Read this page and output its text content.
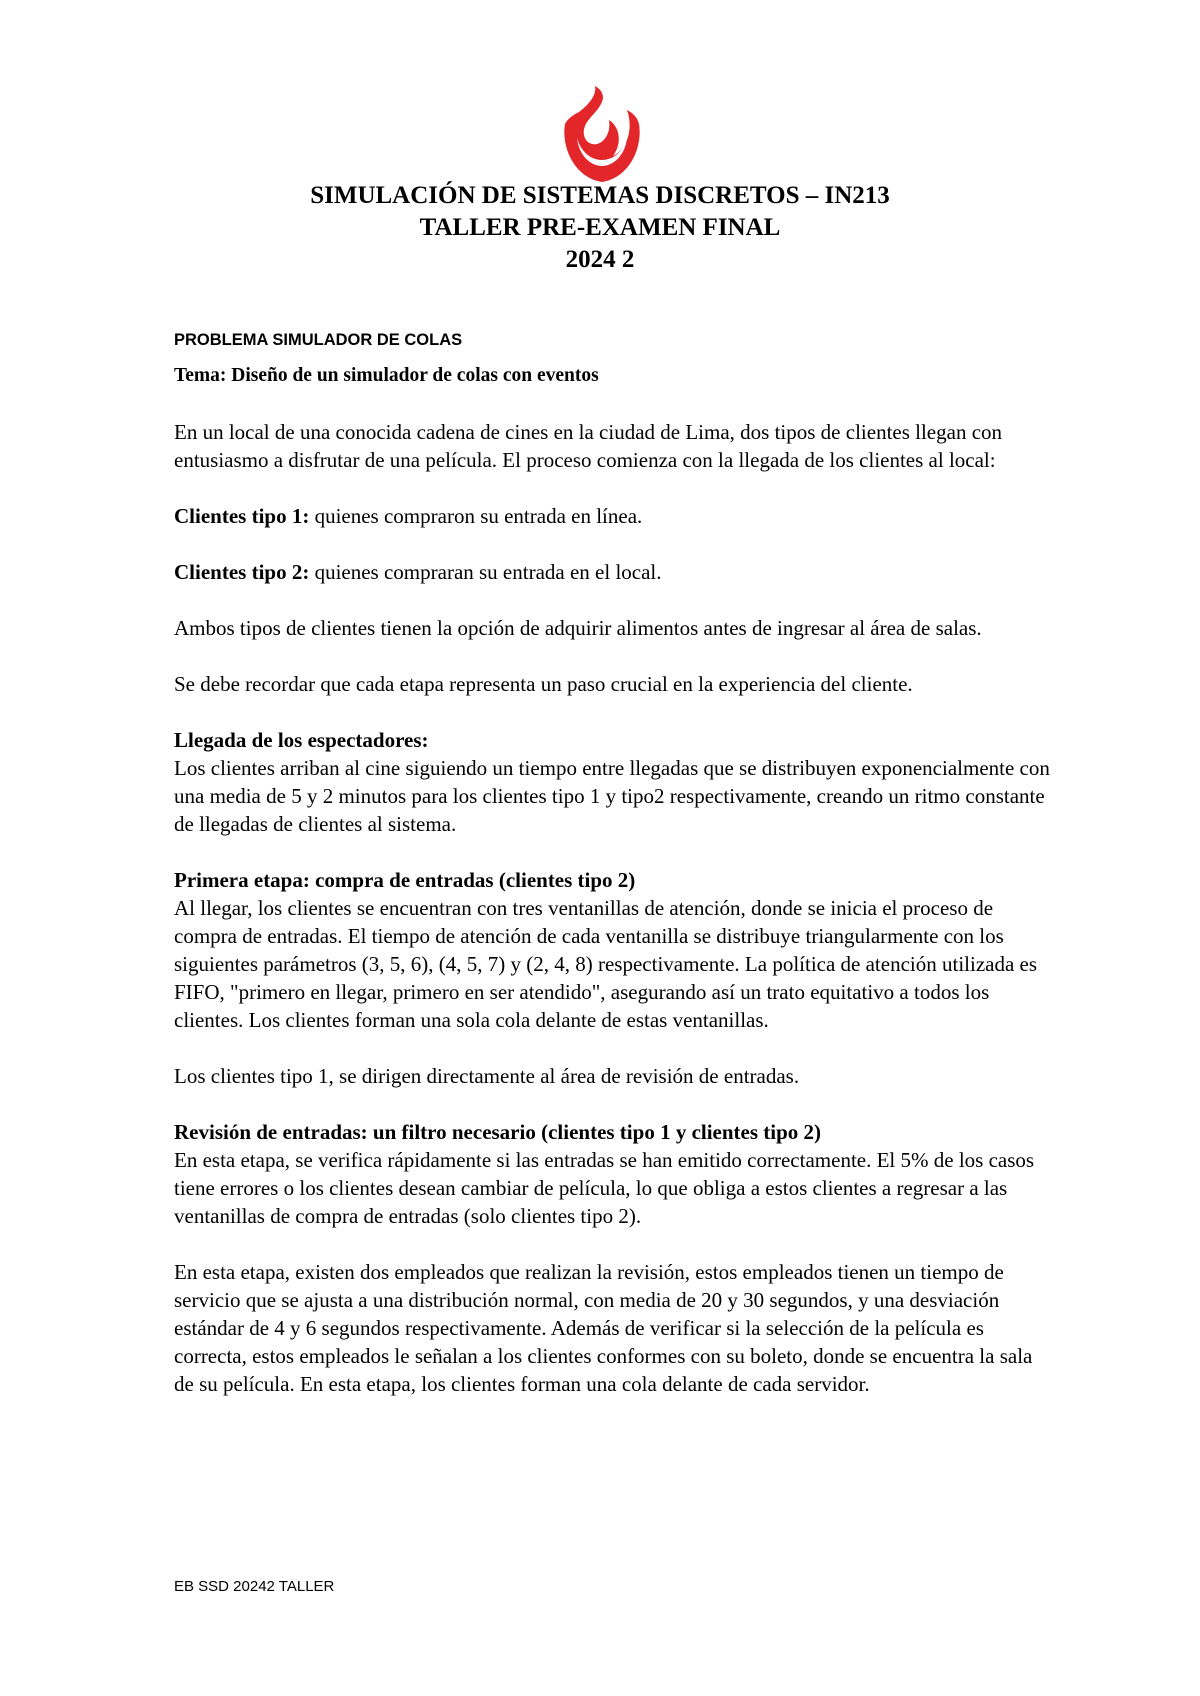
SIMULACIÓN DE SISTEMAS DISCRETOS – IN213

TALLER PRE-EXAMEN FINAL

2024 2

PROBLEMA SIMULADOR DE COLAS

Tema: Diseño de un simulador de colas con eventos

En un local de una conocida cadena de cines en la ciudad de Lima, dos tipos de clientes llegan con entusiasmo a disfrutar de una película. El proceso comienza con la llegada de los clientes al local:

Clientes tipo 1: quienes compraron su entrada en línea.

Clientes tipo 2: quienes compraran su entrada en el local.

Ambos tipos de clientes tienen la opción de adquirir alimentos antes de ingresar al área de salas.

Se debe recordar que cada etapa representa un paso crucial en la experiencia del cliente.

Llegada de los espectadores:

Los clientes arriban al cine siguiendo un tiempo entre llegadas que se distribuyen exponencialmente con una media de 5 y 2 minutos para los clientes tipo 1 y tipo2 respectivamente, creando un ritmo constante de llegadas de clientes al sistema.

Primera etapa: compra de entradas (clientes tipo 2)

Al llegar, los clientes se encuentran con tres ventanillas de atención, donde se inicia el proceso de compra de entradas. El tiempo de atención de cada ventanilla se distribuye triangularmente con los siguientes parámetros (3, 5, 6), (4, 5, 7) y (2, 4, 8) respectivamente. La política de atención utilizada es FIFO, "primero en llegar, primero en ser atendido", asegurando así un trato equitativo a todos los clientes. Los clientes forman una sola cola delante de estas ventanillas.

Los clientes tipo 1, se dirigen directamente al área de revisión de entradas.

Revisión de entradas: un filtro necesario (clientes tipo 1 y clientes tipo 2)

En esta etapa, se verifica rápidamente si las entradas se han emitido correctamente. El 5% de los casos tiene errores o los clientes desean cambiar de película, lo que obliga a estos clientes a regresar a las ventanillas de compra de entradas (solo clientes tipo 2).

En esta etapa, existen dos empleados que realizan la revisión, estos empleados tienen un tiempo de servicio que se ajusta a una distribución normal, con media de 20 y 30 segundos, y una desviación estándar de 4 y 6 segundos respectivamente. Además de verificar si la selección de la película es correcta, estos empleados le señalan a los clientes conformes con su boleto, donde se encuentra la sala de su película. En esta etapa, los clientes forman una cola delante de cada servidor.

EB SSD 20242 TALLER
